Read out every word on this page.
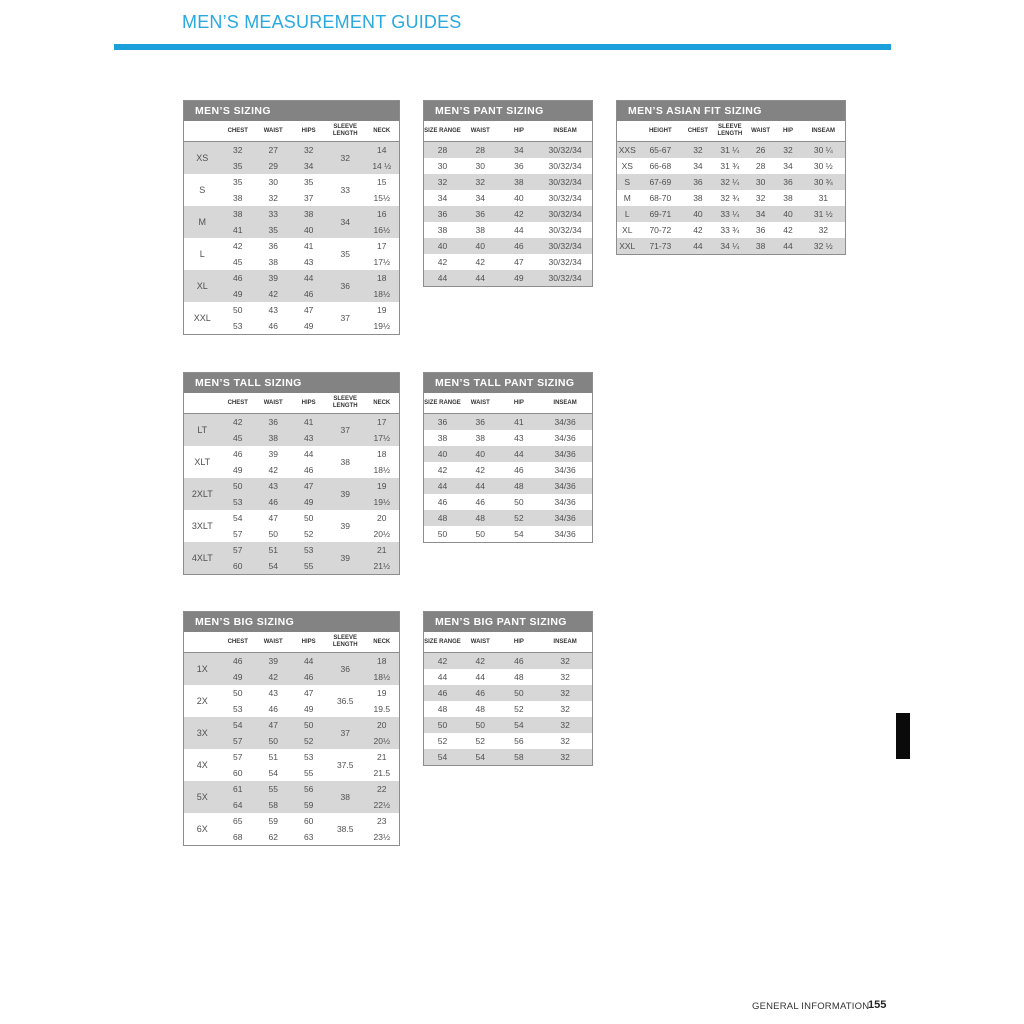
MEN’S MEASUREMENT GUIDES
MEN’S SIZING
	CHEST	WAIST	HIPS	SLEEVE LENGTH	NECK
XS	32	27	32	32	14
	35	29	34		14 ½
S	35	30	35	33	15
	38	32	37		15½
M	38	33	38	34	16
	41	35	40		16½
L	42	36	41	35	17
	45	38	43		17½
XL	46	39	44	36	18
	49	42	46		18½
XXL	50	43	47	37	19
	53	46	49		19½
MEN’S PANT SIZING
SIZE RANGE	WAIST	HIP	INSEAM
28	28	34	30/32/34
30	30	36	30/32/34
32	32	38	30/32/34
34	34	40	30/32/34
36	36	42	30/32/34
38	38	44	30/32/34
40	40	46	30/32/34
42	42	47	30/32/34
44	44	49	30/32/34
MEN’S ASIAN FIT SIZING
	HEIGHT	CHEST	SLEEVE LENGTH	WAIST	HIP	INSEAM
XXS	65-67	32	31 ¼	26	32	30 ¼
XS	66-68	34	31 ¾	28	34	30 ½
S	67-69	36	32 ¼	30	36	30 ¾
M	68-70	38	32 ¾	32	38	31
L	69-71	40	33 ¼	34	40	31 ½
XL	70-72	42	33 ¾	36	42	32
XXL	71-73	44	34 ¼	38	44	32 ½
MEN’S TALL SIZING
	CHEST	WAIST	HIPS	SLEEVE LENGTH	NECK
LT	42	36	41	37	17
	45	38	43		17½
XLT	46	39	44	38	18
	49	42	46		18½
2XLT	50	43	47	39	19
	53	46	49		19½
3XLT	54	47	50	39	20
	57	50	52		20½
4XLT	57	51	53	39	21
	60	54	55		21½
MEN’S TALL PANT SIZING
SIZE RANGE	WAIST	HIP	INSEAM
36	36	41	34/36
38	38	43	34/36
40	40	44	34/36
42	42	46	34/36
44	44	48	34/36
46	46	50	34/36
48	48	52	34/36
50	50	54	34/36
MEN’S BIG SIZING
	CHEST	WAIST	HIPS	SLEEVE LENGTH	NECK
1X	46	39	44	36	18
	49	42	46		18½
2X	50	43	47	36.5	19
	53	46	49		19.5
3X	54	47	50	37	20
	57	50	52		20½
4X	57	51	53	37.5	21
	60	54	55		21.5
5X	61	55	56	38	22
	64	58	59		22½
6X	65	59	60	38.5	23
	68	62	63		23½
MEN’S BIG PANT SIZING
SIZE RANGE	WAIST	HIP	INSEAM
42	42	46	32
44	44	48	32
46	46	50	32
48	48	52	32
50	50	54	32
52	52	56	32
54	54	58	32
GENERAL INFORMATION
155
